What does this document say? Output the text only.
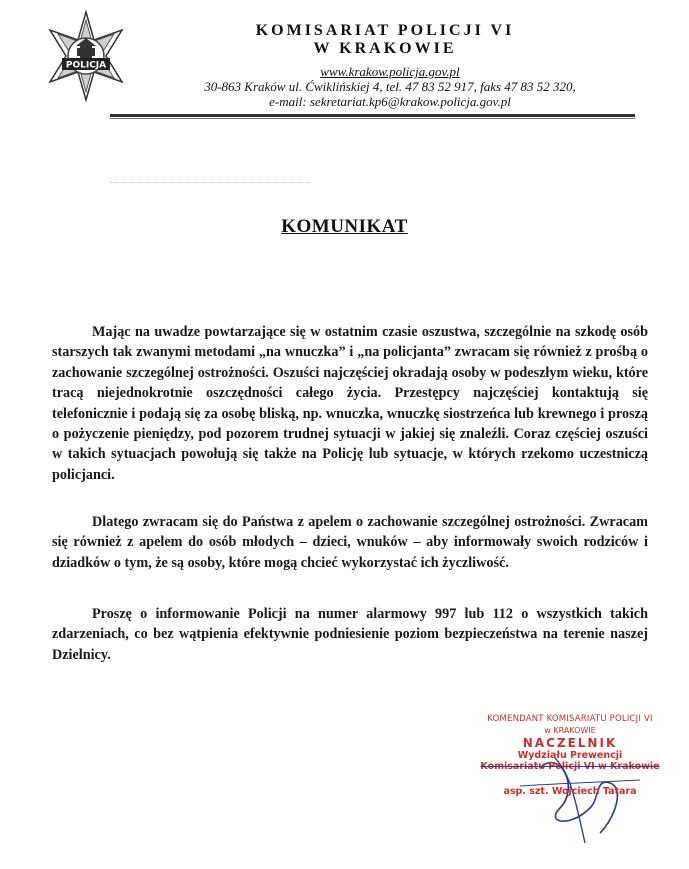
POLICJA
KOMISARIAT POLICJI VI
W KRAKOWIE
www.krakow.policja.gov.pl
30-863 Kraków ul. Ćwiklińskiej 4, tel. 47 83 52 917, faks 47 83 52 320,
e-mail: sekretariat.kp6@krakow.policja.gov.pl
KOMUNIKAT
Mając na uwadze powtarzające się w ostatnim czasie oszustwa, szczególnie na szkodę osób starszych tak zwanymi metodami „na wnuczka” i „na policjanta” zwracam się również z prośbą o zachowanie szczególnej ostrożności. Oszuści najczęściej okradają osoby w podeszłym wieku, które tracą niejednokrotnie oszczędności całego życia. Przestępcy najczęściej kontaktują się telefonicznie i podają się za osobę bliską, np. wnuczka, wnuczkę siostrzeńca lub krewnego i proszą o pożyczenie pieniędzy, pod pozorem trudnej sytuacji w jakiej się znaleźli. Coraz częściej oszuści w takich sytuacjach powołują się także na Policję lub sytuacje, w których rzekomo uczestniczą policjanci.
Dlatego zwracam się do Państwa z apelem o zachowanie szczególnej ostrożności. Zwracam się również z apelem do osób młodych – dzieci, wnuków – aby informowały swoich rodziców i dziadków o tym, że są osoby, które mogą chcieć wykorzystać ich życzliwość.
Proszę o informowanie Policji na numer alarmowy 997 lub 112 o wszystkich takich zdarzeniach, co bez wątpienia efektywnie podniesienie poziom bezpieczeństwa na terenie naszej Dzielnicy.
KOMENDANT KOMISARIATU POLICJI VI
w KRAKOWIE
NACZELNIK
Wydziału Prewencji
Komisariatu Policji VI w Krakowie
asp. szt. Wojciech Tatara
